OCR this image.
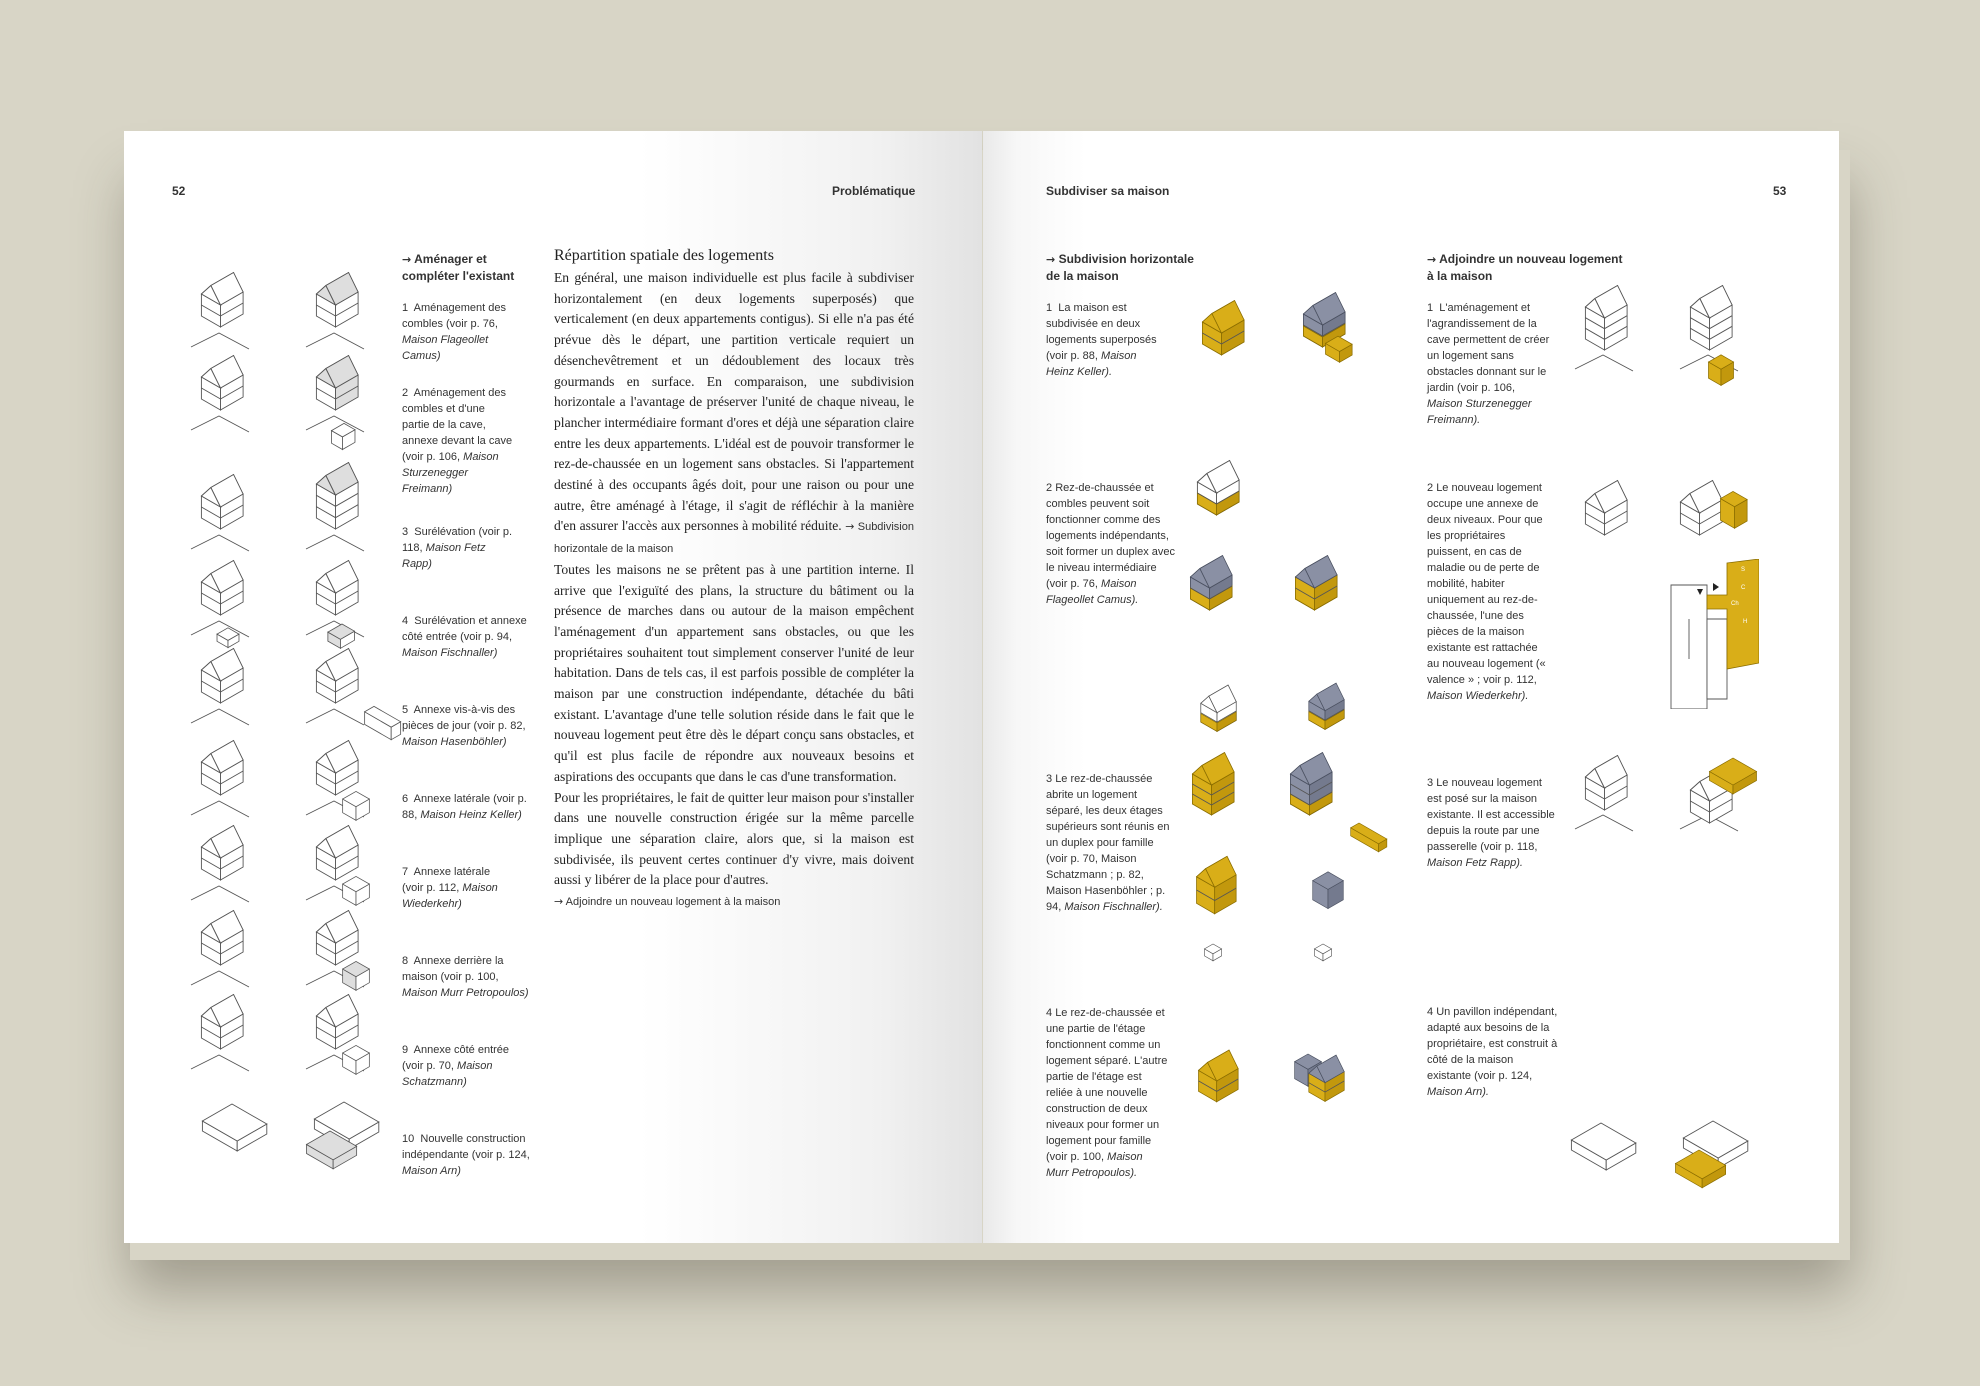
52	Problématique
→ Aménager et compléter l'existant
1 Aménagement des combles (voir p. 76, Maison Flageollet Camus)
2 Aménagement des combles et d'une partie de la cave, annexe devant la cave (voir p. 106, Maison Sturzenegger Freimann)
3 Surélévation (voir p. 118, Maison Fetz Rapp)
4 Surélévation et annexe côté entrée (voir p. 94, Maison Fischnaller)
5 Annexe vis-à-vis des pièces de jour (voir p. 82, Maison Hasenböhler)
6 Annexe latérale (voir p. 88, Maison Heinz Keller)
7 Annexe latérale (voir p. 112, Maison Wiederkehr)
8 Annexe derrière la maison (voir p. 100, Maison Murr Petropoulos)
9 Annexe côté entrée (voir p. 70, Maison Schatzmann)
10 Nouvelle construction indépendante (voir p. 124, Maison Arn)
Répartition spatiale des logements

En général, une maison individuelle est plus facile à subdiviser horizontalement (en deux logements superposés) que verticalement (en deux appartements contigus). Si elle n'a pas été prévue dès le départ, une partition verticale requiert un désenchevêtrement et un dédoublement des locaux très gourmands en surface. En comparaison, une subdivision horizontale a l'avantage de préserver l'unité de chaque niveau, le plancher intermédiaire formant d'ores et déjà une séparation claire entre les deux appartements. L'idéal est de pouvoir transformer le rez-de-chaussée en un logement sans obstacles. Si l'appartement destiné à des occupants âgés doit, pour une raison ou pour une autre, être aménagé à l'étage, il s'agit de réfléchir à la manière d'en assurer l'accès aux personnes à mobilité réduite. → Subdivision horizontale de la maison

Toutes les maisons ne se prêtent pas à une partition interne. Il arrive que l'exiguïté des plans, la structure du bâtiment ou la présence de marches dans ou autour de la maison empêchent l'aménagement d'un appartement sans obstacles, ou que les propriétaires souhaitent tout simplement conserver l'unité de leur habitation. Dans de tels cas, il est parfois possible de compléter la maison par une construction indépendante, détachée du bâti existant. L'avantage d'une telle solution réside dans le fait que le nouveau logement peut être dès le départ conçu sans obstacles, et qu'il est plus facile de répondre aux nouveaux besoins et aspirations des occupants que dans le cas d'une transformation.

Pour les propriétaires, le fait de quitter leur maison pour s'installer dans une nouvelle construction érigée sur la même parcelle implique une séparation claire, alors que, si la maison est subdivisée, ils peuvent certes continuer d'y vivre, mais doivent aussi y libérer de la place pour d'autres.
→ Adjoindre un nouveau logement à la maison

Subdiviser sa maison	53
→ Subdivision horizontale de la maison
→ Adjoindre un nouveau logement à la maison
1 La maison est subdivisée en deux logements superposés (voir p. 88, Maison Heinz Keller).
2 Rez-de-chaussée et combles peuvent soit fonctionner comme des logements indépendants, soit former un duplex avec le niveau intermédiaire (voir p. 76, Maison Flageollet Camus).
3 Le rez-de-chaussée abrite un logement séparé, les deux étages supérieurs sont réunis en un duplex pour famille (voir p. 70, Maison Schatzmann ; p. 82, Maison Hasenböhler ; p. 94, Maison Fischnaller).
4 Le rez-de-chaussée et une partie de l'étage fonctionnent comme un logement séparé. L'autre partie de l'étage est reliée à une nouvelle construction de deux niveaux pour former un logement pour famille (voir p. 100, Maison Murr Petropoulos).
1 L'aménagement et l'agrandissement de la cave permettent de créer un logement sans obstacles donnant sur le jardin (voir p. 106, Maison Sturzenegger Freimann).
2 Le nouveau logement occupe une annexe de deux niveaux. Pour que les propriétaires puissent, en cas de maladie ou de perte de mobilité, habiter uniquement au rez-de-chaussée, l'une des pièces de la maison existante est rattachée au nouveau logement (« valence » ; voir p. 112, Maison Wiederkehr).
3 Le nouveau logement est posé sur la maison existante. Il est accessible depuis la route par une passerelle (voir p. 118, Maison Fetz Rapp).
4 Un pavillon indépendant, adapté aux besoins de la propriétaire, est construit à côté de la maison existante (voir p. 124, Maison Arn).
S
C
Ch
H
